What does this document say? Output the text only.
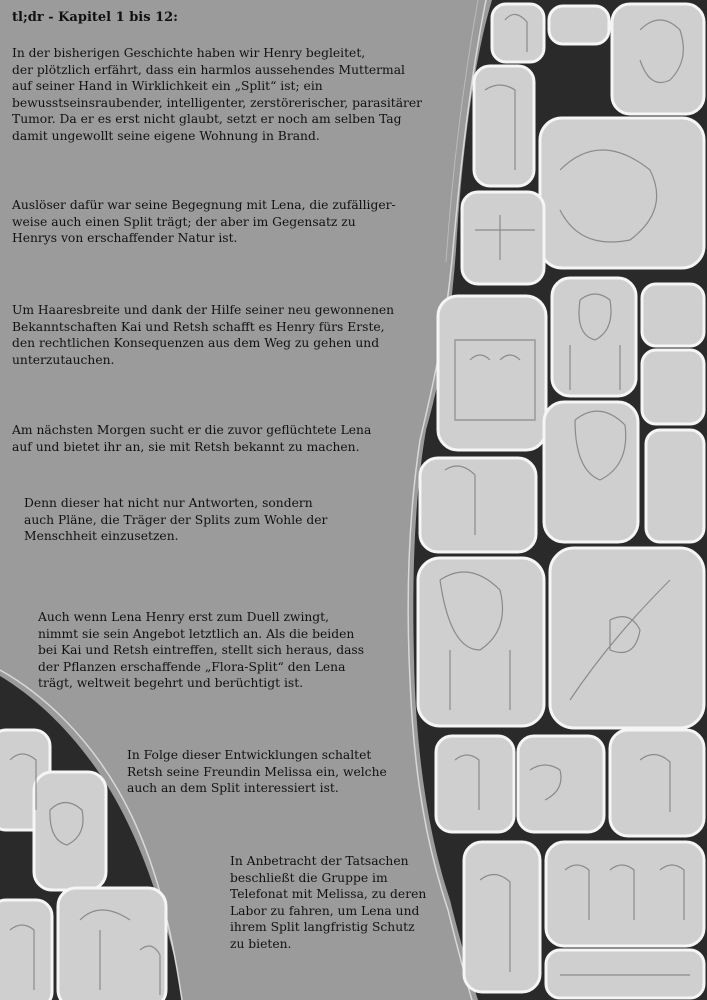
tl;dr - Kapitel 1 bis 12:
In der bisherigen Geschichte haben wir Henry begleitet,
der plötzlich erfährt, dass ein harmlos aussehendes Muttermal
auf seiner Hand in Wirklichkeit ein „Split“ ist; ein
bewusstseinsraubender, intelligenter, zerstörerischer, parasitärer
Tumor. Da er es erst nicht glaubt, setzt er noch am selben Tag
damit ungewollt seine eigene Wohnung in Brand.
Auslöser dafür war seine Begegnung mit Lena, die zufälliger-
weise auch einen Split trägt; der aber im Gegensatz zu
Henrys von erschaffender Natur ist.
Um Haaresbreite und dank der Hilfe seiner neu gewonnenen
Bekanntschaften Kai und Retsh schafft es Henry fürs Erste,
den rechtlichen Konsequenzen aus dem Weg zu gehen und
unterzutauchen.
Am nächsten Morgen sucht er die zuvor geflüchtete Lena
auf und bietet ihr an, sie mit Retsh bekannt zu machen.
Denn dieser hat nicht nur Antworten, sondern
auch Pläne, die Träger der Splits zum Wohle der
Menschheit einzusetzen.
Auch wenn Lena Henry erst zum Duell zwingt,
nimmt sie sein Angebot letztlich an. Als die beiden
bei Kai und Retsh eintreffen, stellt sich heraus, dass
der Pflanzen erschaffende „Flora-Split“ den Lena
trägt, weltweit begehrt und berüchtigt ist.
In Folge dieser Entwicklungen schaltet
Retsh seine Freundin Melissa ein, welche
auch an dem Split interessiert ist.
In Anbetracht der Tatsachen
beschließt die Gruppe im
Telefonat mit Melissa, zu deren
Labor zu fahren, um Lena und
ihrem Split langfristig Schutz
zu bieten.
